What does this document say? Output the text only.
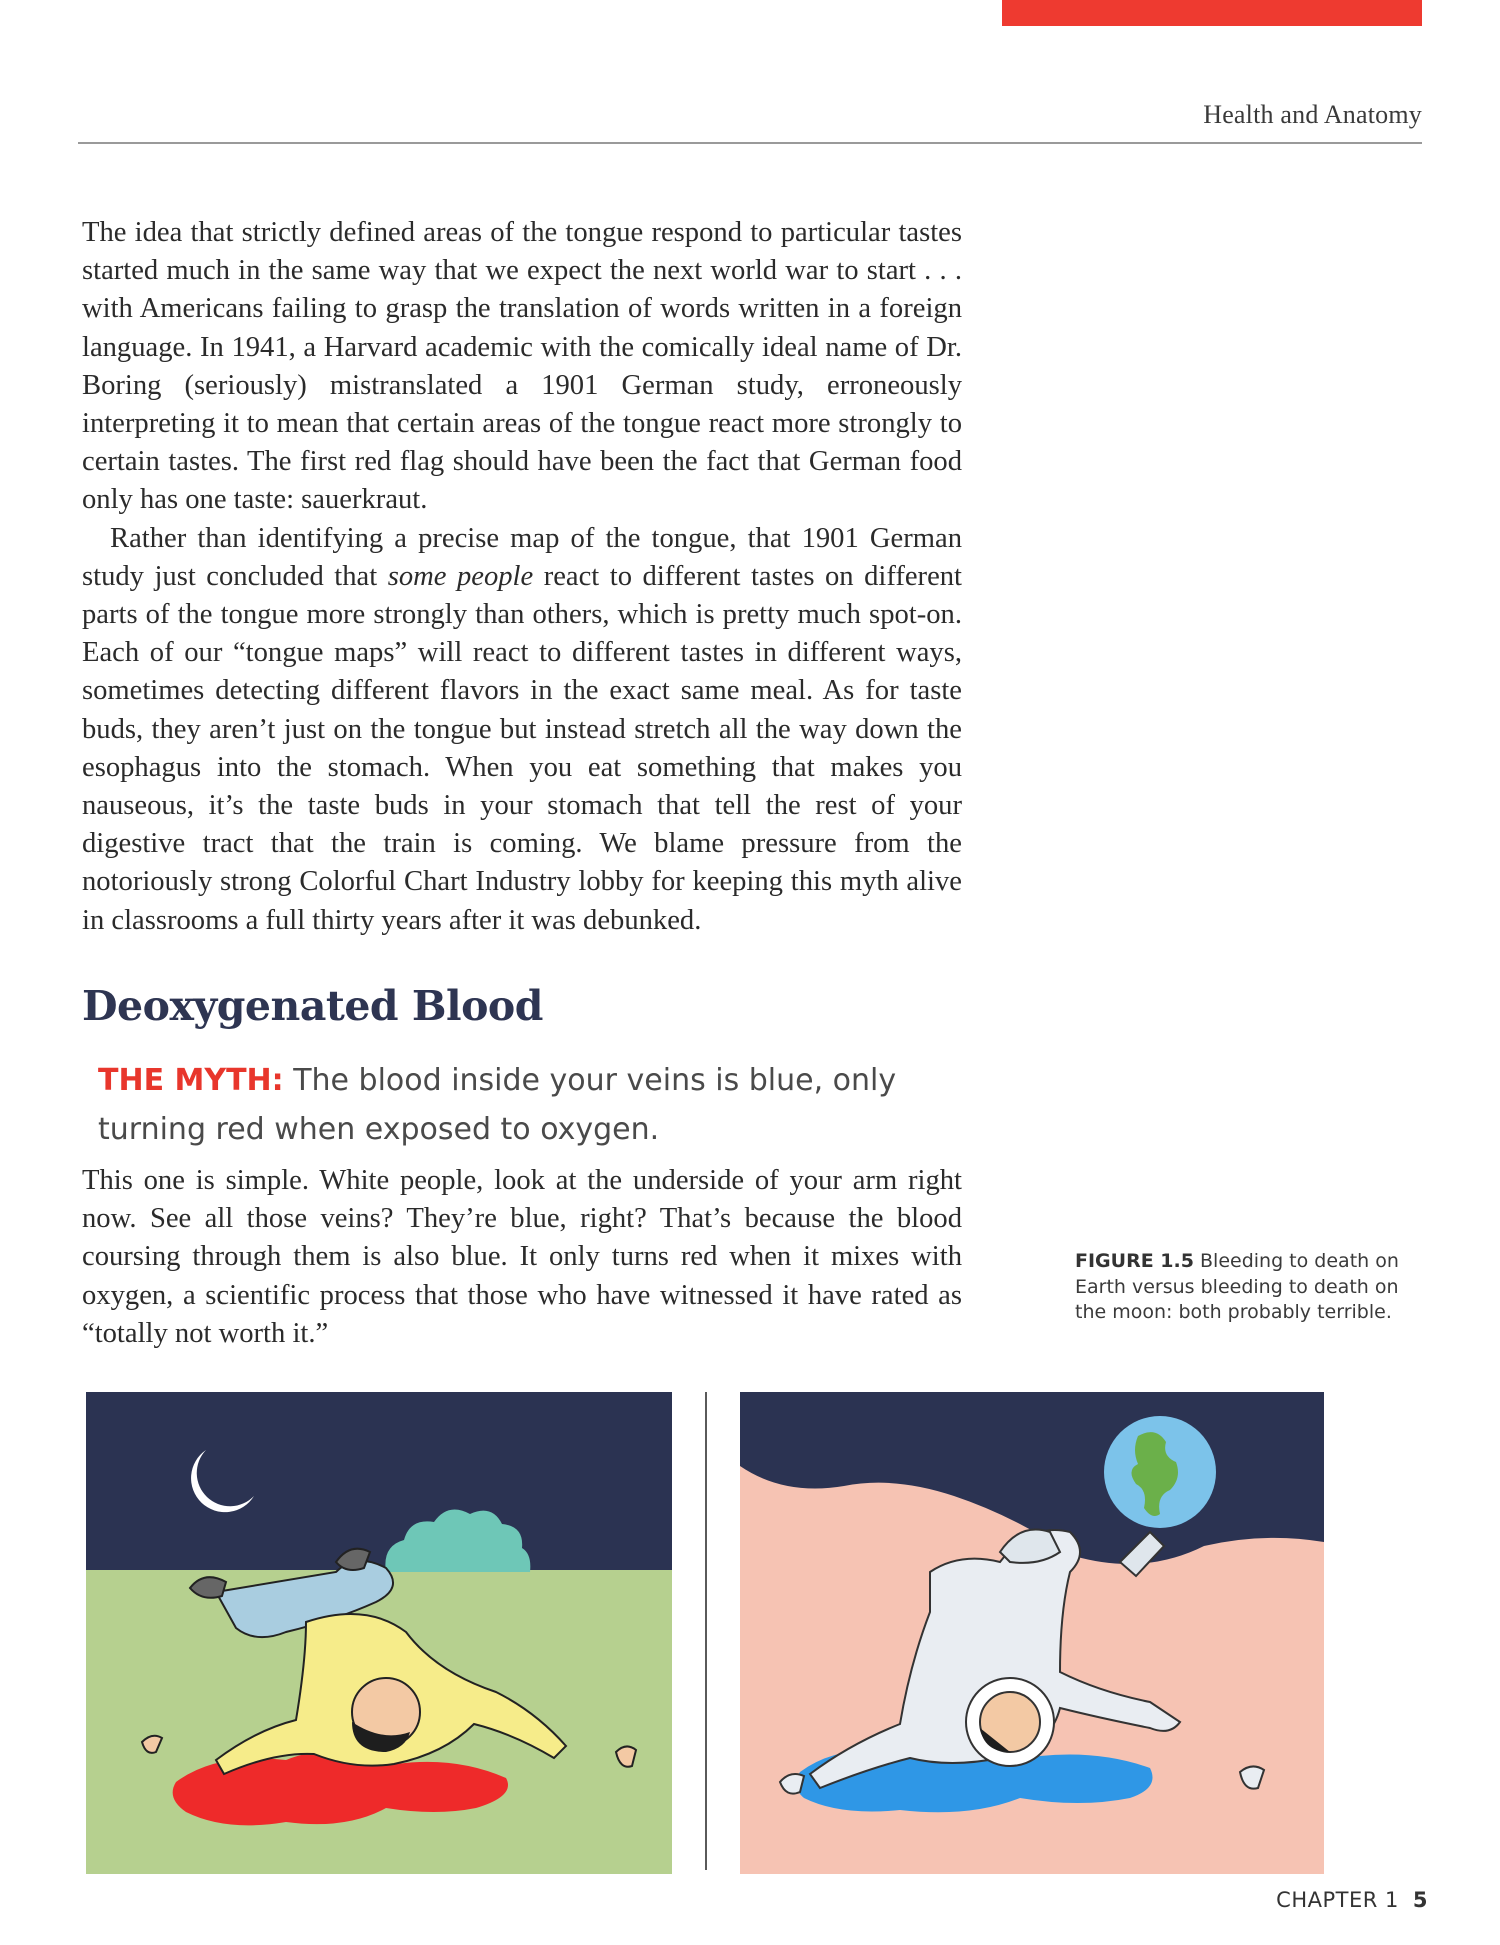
Health and Anatomy

The idea that strictly defined areas of the tongue respond to particular tastes started much in the same way that we expect the next world war to start . . . with Americans failing to grasp the translation of words written in a foreign language. In 1941, a Harvard academic with the comically ideal name of Dr. Boring (seriously) mistranslated a 1901 German study, erroneously interpreting it to mean that certain areas of the tongue react more strongly to certain tastes. The first red flag should have been the fact that German food only has one taste: sauerkraut.

Rather than identifying a precise map of the tongue, that 1901 German study just concluded that some people react to different tastes on different parts of the tongue more strongly than others, which is pretty much spot-on. Each of our “tongue maps” will react to different tastes in different ways, sometimes detecting different flavors in the exact same meal. As for taste buds, they aren’t just on the tongue but instead stretch all the way down the esophagus into the stomach. When you eat something that makes you nauseous, it’s the taste buds in your stomach that tell the rest of your digestive tract that the train is coming. We blame pressure from the notoriously strong Colorful Chart Industry lobby for keeping this myth alive in classrooms a full thirty years after it was debunked.

Deoxygenated Blood
THE MYTH: The blood inside your veins is blue, only turning red when exposed to oxygen.

This one is simple. White people, look at the underside of your arm right now. See all those veins? They’re blue, right? That’s because the blood coursing through them is also blue. It only turns red when it mixes with oxygen, a scientific process that those who have witnessed it have rated as “totally not worth it.”

FIGURE 1.5 Bleeding to death on Earth versus bleeding to death on the moon: both probably terrible.
CHAPTER 1 5
